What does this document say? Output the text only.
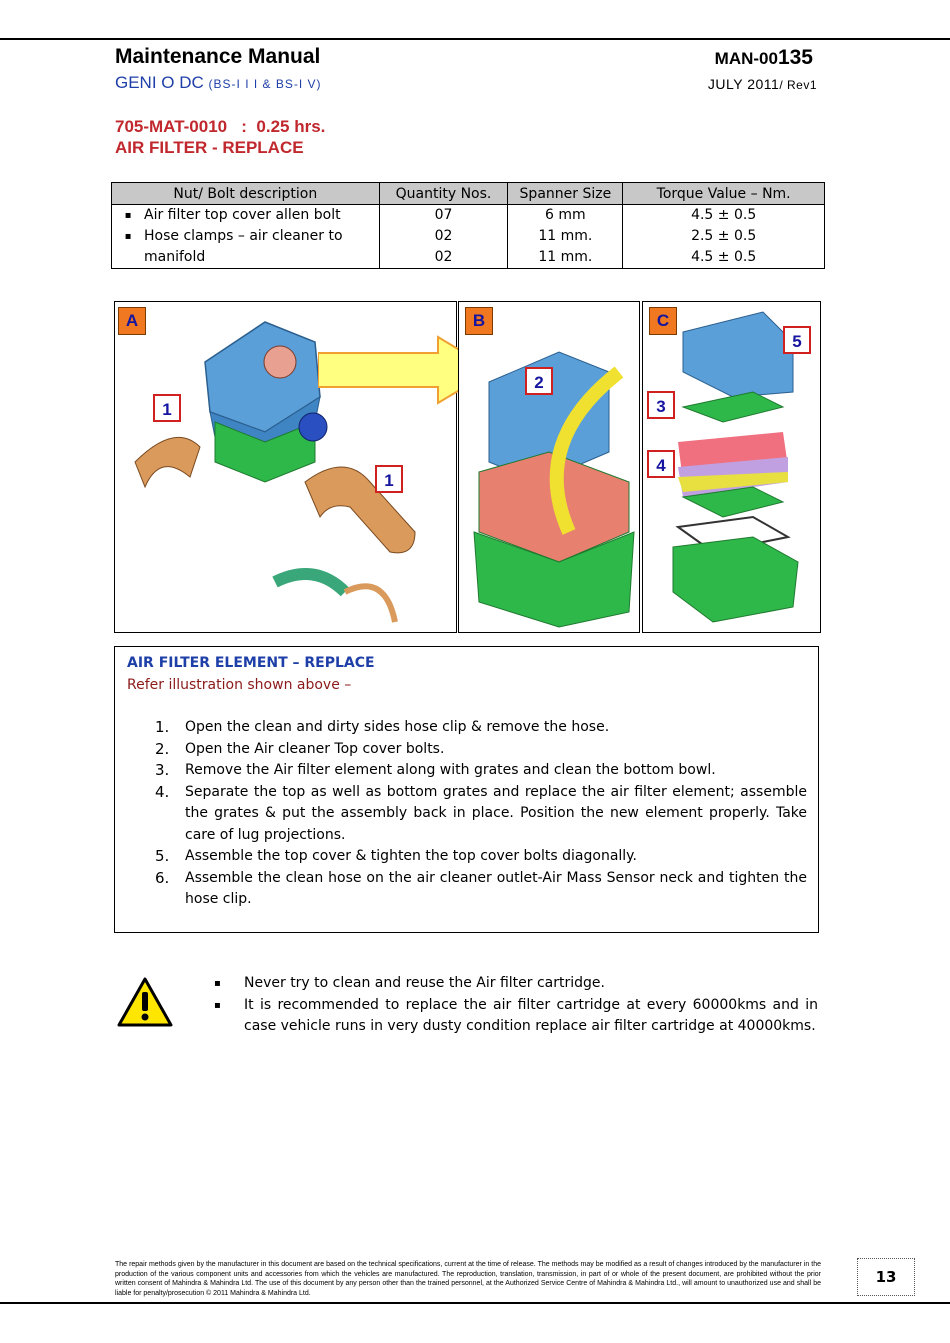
Maintenance Manual
GENI O DC (BS-I I I & BS-I V)
MAN-00135
JULY 2011/ Rev1
705-MAT-0010   :  0.25 hrs.
AIR FILTER - REPLACE
Nut/ Bolt description	Quantity Nos.	Spanner Size	Torque Value – Nm.
▪ Air filter top cover allen bolt	07	6 mm	4.5 ± 0.5
▪ Hose clamps – air cleaner to	02	11 mm.	2.5 ± 0.5
manifold	02	11 mm.	4.5 ± 0.5
A
1
1
B
2
C
5
3
4
AIR FILTER ELEMENT – REPLACE
Refer illustration shown above –
1. Open the clean and dirty sides hose clip & remove the hose.
2. Open the Air cleaner Top cover bolts.
3. Remove the Air filter element along with grates and clean the bottom bowl.
4. Separate the top as well as bottom grates and replace the air filter element; assemble the grates & put the assembly back in place. Position the new element properly. Take care of lug projections.
5. Assemble the top cover & tighten the top cover bolts diagonally.
6. Assemble the clean hose on the air cleaner outlet-Air Mass Sensor neck and tighten the hose clip.
▪ Never try to clean and reuse the Air filter cartridge.
▪ It is recommended to replace the air filter cartridge at every 60000kms and in case vehicle runs in very dusty condition replace air filter cartridge at 40000kms.
The repair methods given by the manufacturer in this document are based on the technical specifications, current at the time of release. The methods may be modified as a result of changes introduced by the manufacturer in the production of the various component units and accessories from which the vehicles are manufactured. The reproduction, translation, transmission, in part of or whole of the present document, are prohibited without the prior written consent of Mahindra & Mahindra Ltd. The use of this document by any person other than the trained personnel, at the Authorized Service Centre of Mahindra & Mahindra Ltd., will amount to unauthorized use and shall be liable for penalty/prosecution © 2011 Mahindra & Mahindra Ltd.
13
